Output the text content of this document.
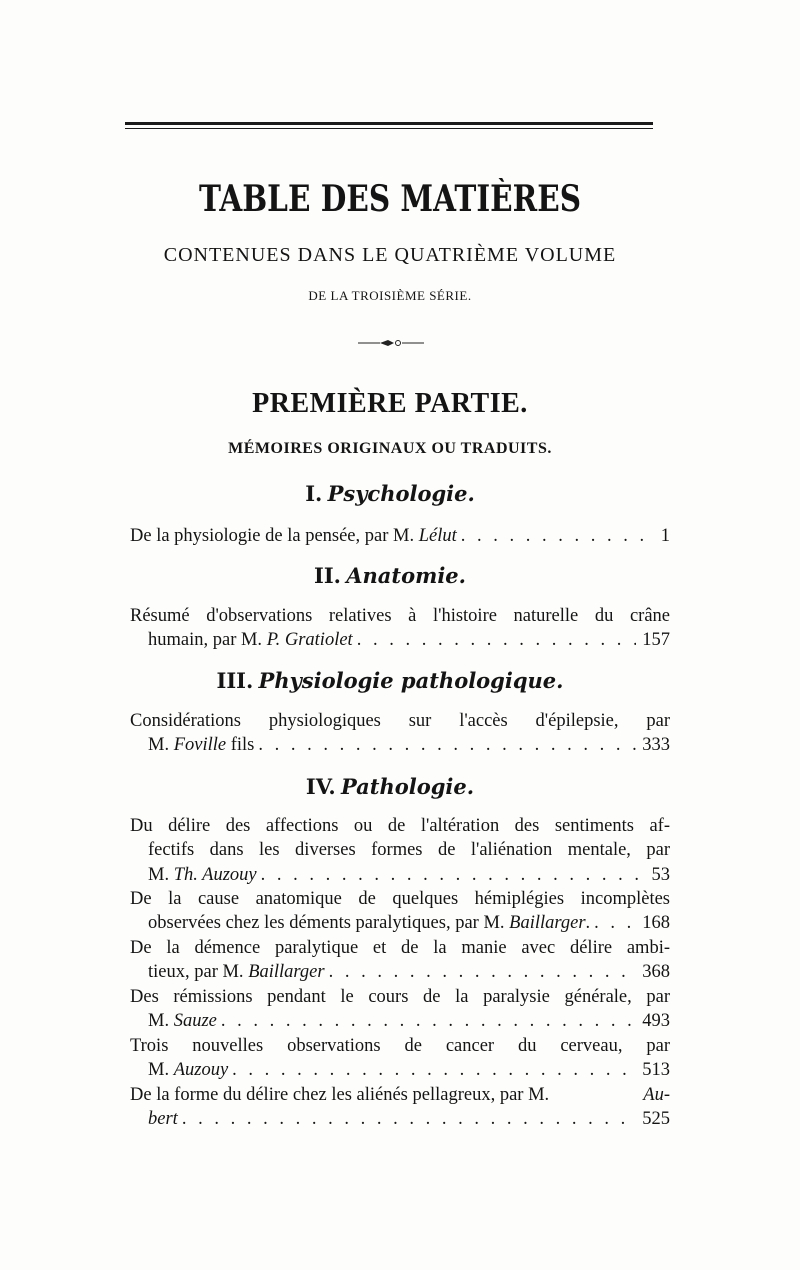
TABLE DES MATIÈRES
CONTENUES DANS LE QUATRIÈME VOLUME
DE LA TROISIÈME SÉRIE.
PREMIÈRE PARTIE.
MÉMOIRES ORIGINAUX OU TRADUITS.
I. Psychologie.
De la physiologie de la pensée, par M. Lélut . . .	1
II. Anatomie.
Résumé d'observations relatives à l'histoire naturelle du crâne
humain, par M. P. Gratiolet . . .	157
III. Physiologie pathologique.
Considérations physiologiques sur l'accès d'épilepsie, par
M. Foville fils . . .	333
IV. Pathologie.
Du délire des affections ou de l'altération des sentiments af-
fectifs dans les diverses formes de l'aliénation mentale, par
M. Th. Auzouy . . .	53
De la cause anatomique de quelques hémiplégies incomplètes
observées chez les déments paralytiques, par M. Baillarger. . . .	168
De la démence paralytique et de la manie avec délire ambi-
tieux, par M. Baillarger . . .	368
Des rémissions pendant le cours de la paralysie générale, par
M. Sauze . . .	493
Trois nouvelles observations de cancer du cerveau, par
M. Auzouy . . .	513
De la forme du délire chez les aliénés pellagreux, par M.	Au-
bert . . .	525
